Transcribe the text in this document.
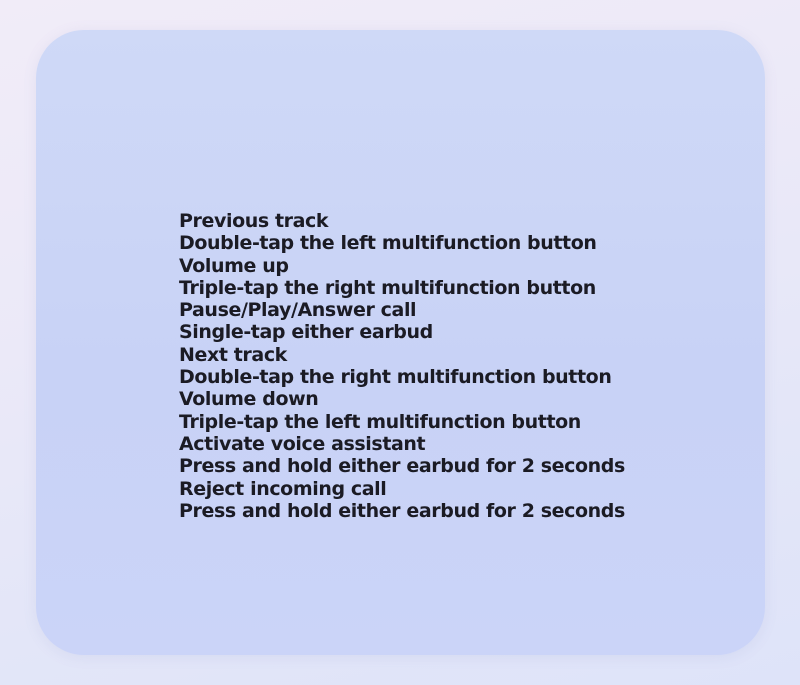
Previous track
Double-tap the left multifunction button
Volume up
Triple-tap the right multifunction button
Pause/Play/Answer call
Single-tap either earbud
Next track
Double-tap the right multifunction button
Volume down
Triple-tap the left multifunction button
Activate voice assistant
Press and hold either earbud for 2 seconds
Reject incoming call
Press and hold either earbud for 2 seconds
